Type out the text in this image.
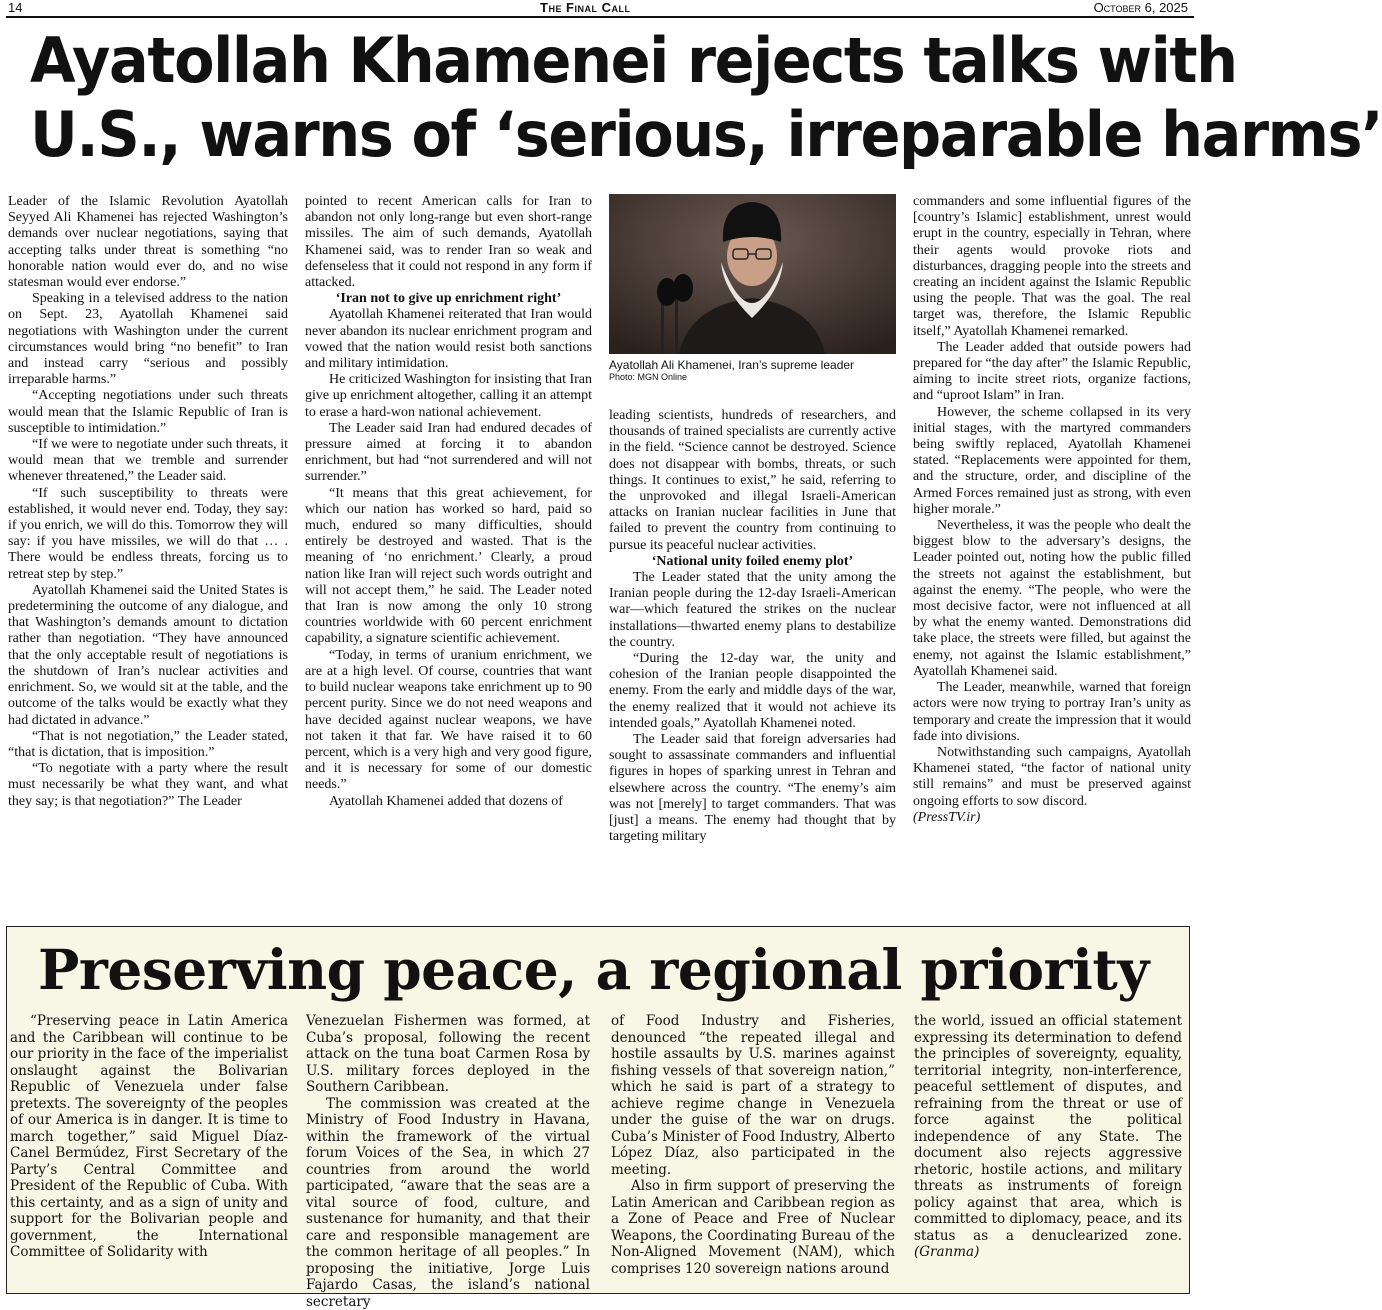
14	The Final Call	October 6, 2025
Ayatollah Khamenei rejects talks with
U.S., warns of ‘serious, irreparable harms’

Leader of the Islamic Revolution Ayatollah Seyyed Ali Khamenei has rejected Washington’s demands over nuclear negotiations, saying that accepting talks under threat is something “no honorable nation would ever do, and no wise statesman would ever endorse.”

Speaking in a televised address to the nation on Sept. 23, Ayatollah Khamenei said negotiations with Washington under the current circumstances would bring “no benefit” to Iran and instead carry “serious and possibly irreparable harms.”

“Accepting negotiations under such threats would mean that the Islamic Republic of Iran is susceptible to intimidation.”

“If we were to negotiate under such threats, it would mean that we tremble and surrender whenever threatened,” the Leader said.

“If such susceptibility to threats were established, it would never end. Today, they say: if you enrich, we will do this. Tomorrow they will say: if you have missiles, we will do that … . There would be endless threats, forcing us to retreat step by step.”

Ayatollah Khamenei said the United States is predetermining the outcome of any dialogue, and that Washington’s demands amount to dictation rather than negotiation. “They have announced that the only acceptable result of negotiations is the shutdown of Iran’s nuclear activities and enrichment. So, we would sit at the table, and the outcome of the talks would be exactly what they had dictated in advance.”

“That is not negotiation,” the Leader stated, “that is dictation, that is imposition.”

“To negotiate with a party where the result must necessarily be what they want, and what they say; is that negotiation?” The Leader

pointed to recent American calls for Iran to abandon not only long-range but even short-range missiles. The aim of such demands, Ayatollah Khamenei said, was to render Iran so weak and defenseless that it could not respond in any form if attacked.

‘Iran not to give up enrichment right’

Ayatollah Khamenei reiterated that Iran would never abandon its nuclear enrichment program and vowed that the nation would resist both sanctions and military intimidation.

He criticized Washington for insisting that Iran give up enrichment altogether, calling it an attempt to erase a hard-won national achievement.

The Leader said Iran had endured decades of pressure aimed at forcing it to abandon enrichment, but had “not surrendered and will not surrender.”

“It means that this great achievement, for which our nation has worked so hard, paid so much, endured so many difficulties, should entirely be destroyed and wasted. That is the meaning of ‘no enrichment.’ Clearly, a proud nation like Iran will reject such words outright and will not accept them,” he said. The Leader noted that Iran is now among the only 10 strong countries worldwide with 60 percent enrichment capability, a signature scientific achievement.

“Today, in terms of uranium enrichment, we are at a high level. Of course, countries that want to build nuclear weapons take enrichment up to 90 percent purity. Since we do not need weapons and have decided against nuclear weapons, we have not taken it that far. We have raised it to 60 percent, which is a very high and very good figure, and it is necessary for some of our domestic needs.”

Ayatollah Khamenei added that dozens of

Ayatollah Ali Khamenei, Iran’s supreme leader
Photo: MGN Online

leading scientists, hundreds of researchers, and thousands of trained specialists are currently active in the field. “Science cannot be destroyed. Science does not disappear with bombs, threats, or such things. It continues to exist,” he said, referring to the unprovoked and illegal Israeli-American attacks on Iranian nuclear facilities in June that failed to prevent the country from continuing to pursue its peaceful nuclear activities.

‘National unity foiled enemy plot’

The Leader stated that the unity among the Iranian people during the 12-day Israeli-American war—which featured the strikes on the nuclear installations—thwarted enemy plans to destabilize the country.

“During the 12-day war, the unity and cohesion of the Iranian people disappointed the enemy. From the early and middle days of the war, the enemy realized that it would not achieve its intended goals,” Ayatollah Khamenei noted.

The Leader said that foreign adversaries had sought to assassinate commanders and influential figures in hopes of sparking unrest in Tehran and elsewhere across the country. “The enemy’s aim was not [merely] to target commanders. That was [just] a means. The enemy had thought that by targeting military

commanders and some influential figures of the [country’s Islamic] establishment, unrest would erupt in the country, especially in Tehran, where their agents would provoke riots and disturbances, dragging people into the streets and creating an incident against the Islamic Republic using the people. That was the goal. The real target was, therefore, the Islamic Republic itself,” Ayatollah Khamenei remarked.

The Leader added that outside powers had prepared for “the day after” the Islamic Republic, aiming to incite street riots, organize factions, and “uproot Islam” in Iran.

However, the scheme collapsed in its very initial stages, with the martyred commanders being swiftly replaced, Ayatollah Khamenei stated. “Replacements were appointed for them, and the structure, order, and discipline of the Armed Forces remained just as strong, with even higher morale.”

Nevertheless, it was the people who dealt the biggest blow to the adversary’s designs, the Leader pointed out, noting how the public filled the streets not against the establishment, but against the enemy. “The people, who were the most decisive factor, were not influenced at all by what the enemy wanted. Demonstrations did take place, the streets were filled, but against the enemy, not against the Islamic establishment,” Ayatollah Khamenei said.

The Leader, meanwhile, warned that foreign actors were now trying to portray Iran’s unity as temporary and create the impression that it would fade into divisions.

Notwithstanding such campaigns, Ayatollah Khamenei stated, “the factor of national unity still remains” and must be preserved against ongoing efforts to sow discord.

(PressTV.ir)

Preserving peace, a regional priority

“Preserving peace in Latin America and the Caribbean will continue to be our priority in the face of the imperialist onslaught against the Bolivarian Republic of Venezuela under false pretexts. The sovereignty of the peoples of our America is in danger. It is time to march together,” said Miguel Díaz-Canel Bermúdez, First Secretary of the Party’s Central Committee and President of the Republic of Cuba. With this certainty, and as a sign of unity and support for the Bolivarian people and government, the International Committee of Solidarity with

Venezuelan Fishermen was formed, at Cuba’s proposal, following the recent attack on the tuna boat Carmen Rosa by U.S. military forces deployed in the Southern Caribbean.

The commission was created at the Ministry of Food Industry in Havana, within the framework of the virtual forum Voices of the Sea, in which 27 countries from around the world participated, “aware that the seas are a vital source of food, culture, and sustenance for humanity, and that their care and responsible management are the common heritage of all peoples.” In proposing the initiative, Jorge Luis Fajardo Casas, the island’s national secretary

of Food Industry and Fisheries, denounced “the repeated illegal and hostile assaults by U.S. marines against fishing vessels of that sovereign nation,” which he said is part of a strategy to achieve regime change in Venezuela under the guise of the war on drugs. Cuba’s Minister of Food Industry, Alberto López Díaz, also participated in the meeting.

Also in firm support of preserving the Latin American and Caribbean region as a Zone of Peace and Free of Nuclear Weapons, the Coordinating Bureau of the Non-Aligned Movement (NAM), which comprises 120 sovereign nations around

the world, issued an official statement expressing its determination to defend the principles of sovereignty, equality, territorial integrity, non-interference, peaceful settlement of disputes, and refraining from the threat or use of force against the political independence of any State. The document also rejects aggressive rhetoric, hostile actions, and military threats as instruments of foreign policy against that area, which is committed to diplomacy, peace, and its status as a denuclearized zone. (Granma)
